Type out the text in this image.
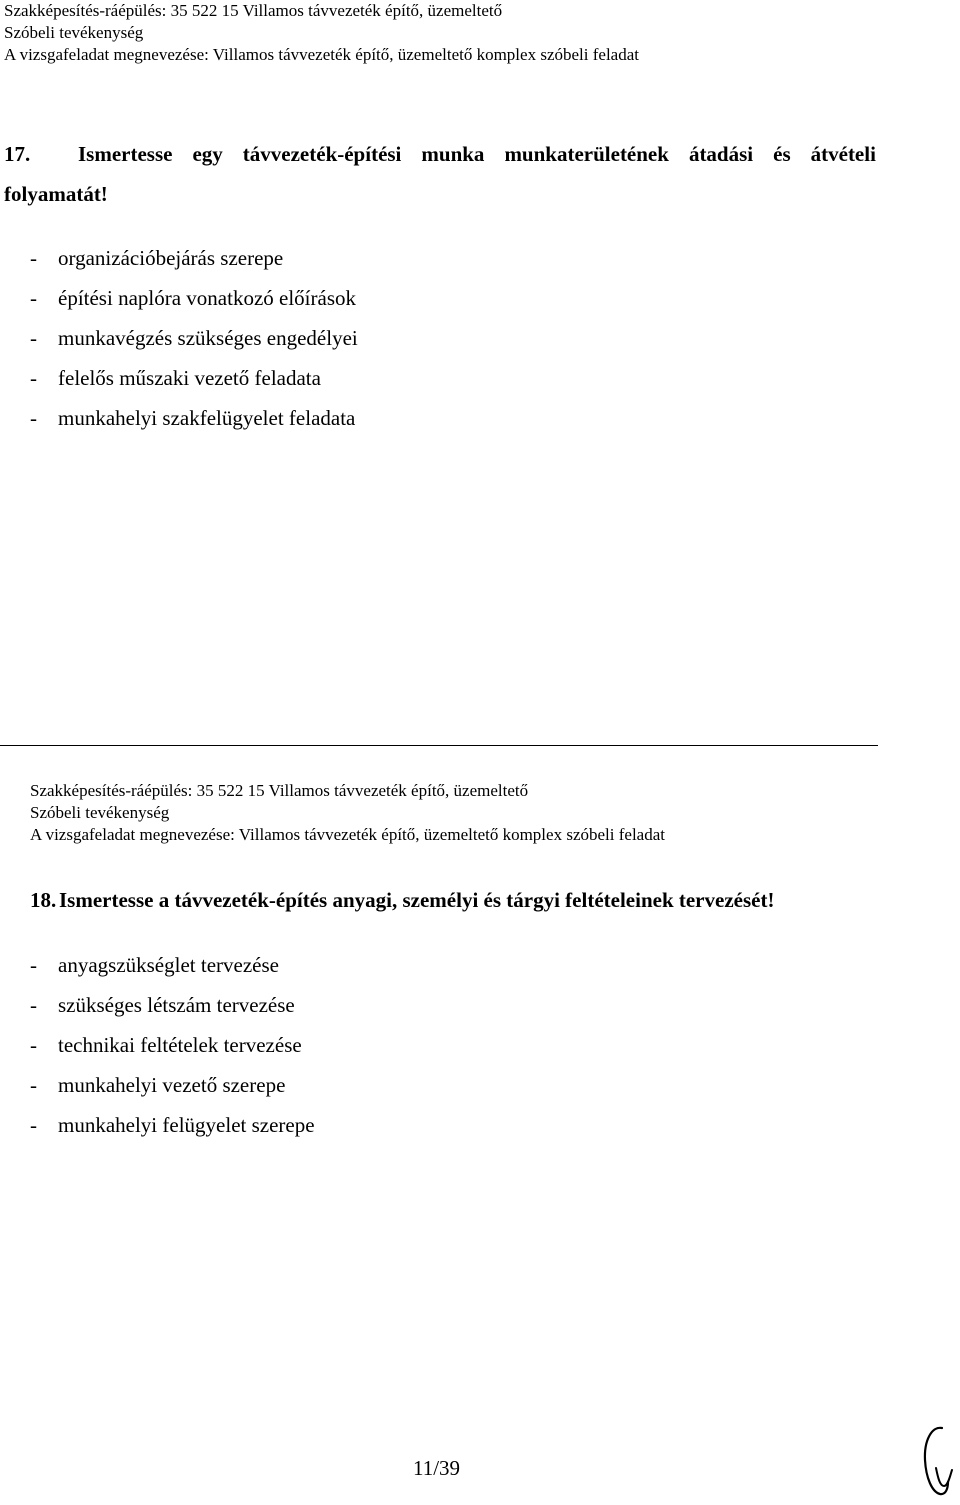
Szakképesítés-ráépülés: 35 522 15 Villamos távvezeték építő, üzemeltető
Szóbeli tevékenység
A vizsgafeladat megnevezése: Villamos távvezeték építő, üzemeltető komplex szóbeli feladat
17.	Ismertesse egy távvezeték-építési munka munkaterületének átadási és átvételi
folyamatát!
- organizációbejárás szerepe
- építési naplóra vonatkozó előírások
- munkavégzés szükséges engedélyei
- felelős műszaki vezető feladata
- munkahelyi szakfelügyelet feladata
Szakképesítés-ráépülés: 35 522 15 Villamos távvezeték építő, üzemeltető
Szóbeli tevékenység
A vizsgafeladat megnevezése: Villamos távvezeték építő, üzemeltető komplex szóbeli feladat
18. Ismertesse a távvezeték-építés anyagi, személyi és tárgyi feltételeinek tervezését!
- anyagszükséglet tervezése
- szükséges létszám tervezése
- technikai feltételek tervezése
- munkahelyi vezető szerepe
- munkahelyi felügyelet szerepe
11/39
